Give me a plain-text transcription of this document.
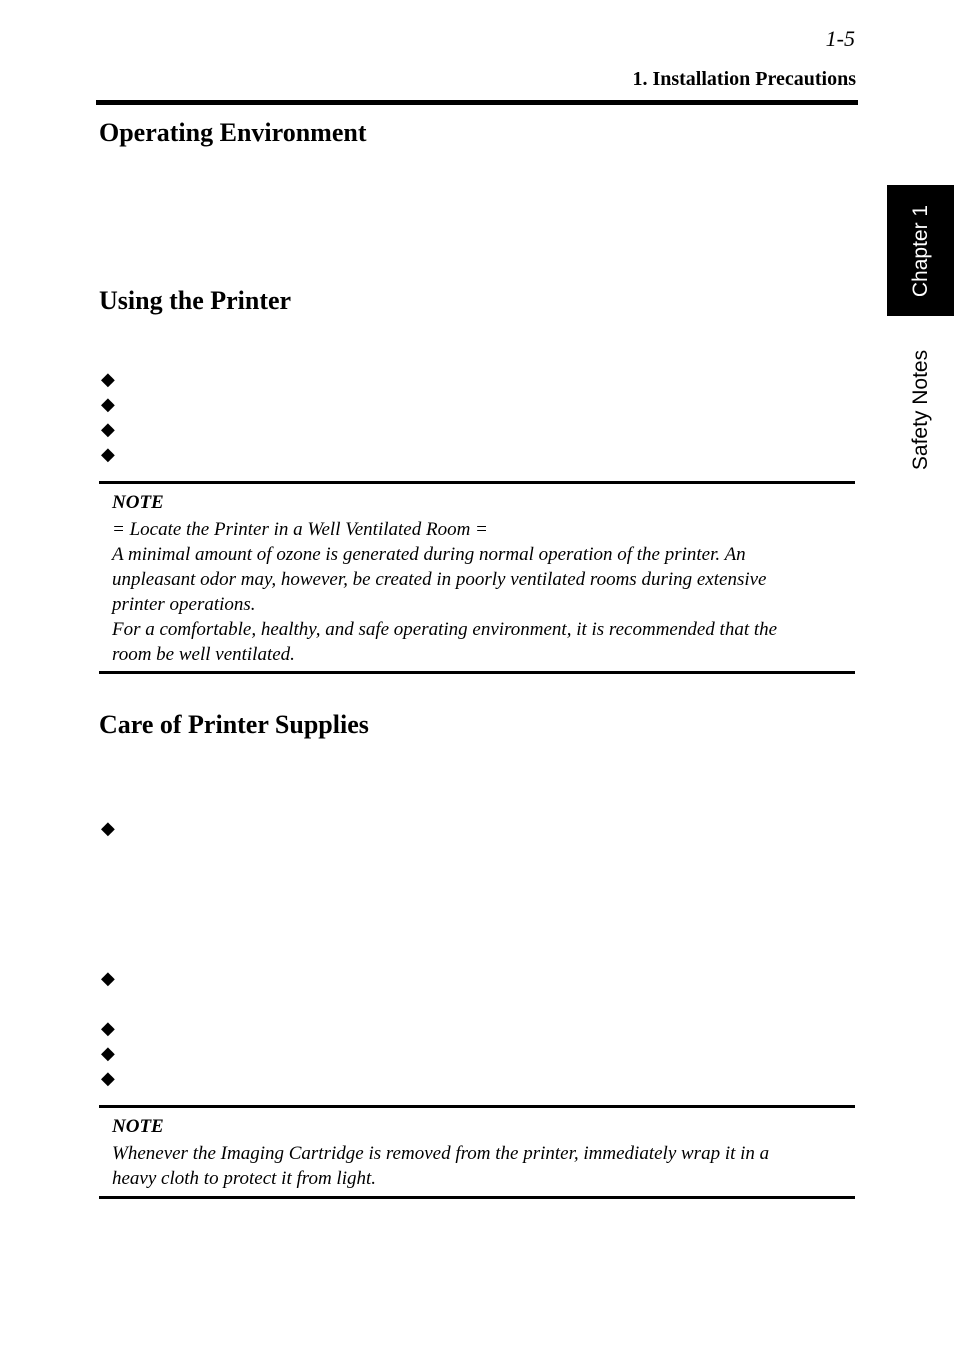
1-5
1. Installation Precautions
Chapter 1
Safety Notes
Operating Environment
Using the Printer
◆
◆
◆
◆
NOTE
= Locate the Printer in a Well Ventilated Room =
A minimal amount of ozone is generated during normal operation of the printer. An
unpleasant odor may, however, be created in poorly ventilated rooms during extensive
printer operations.
For a comfortable, healthy, and safe operating environment, it is recommended that the
room be well ventilated.
Care of Printer Supplies
◆
◆
◆
◆
◆
NOTE
Whenever the Imaging Cartridge is removed from the printer, immediately wrap it in a
heavy cloth to protect it from light.
